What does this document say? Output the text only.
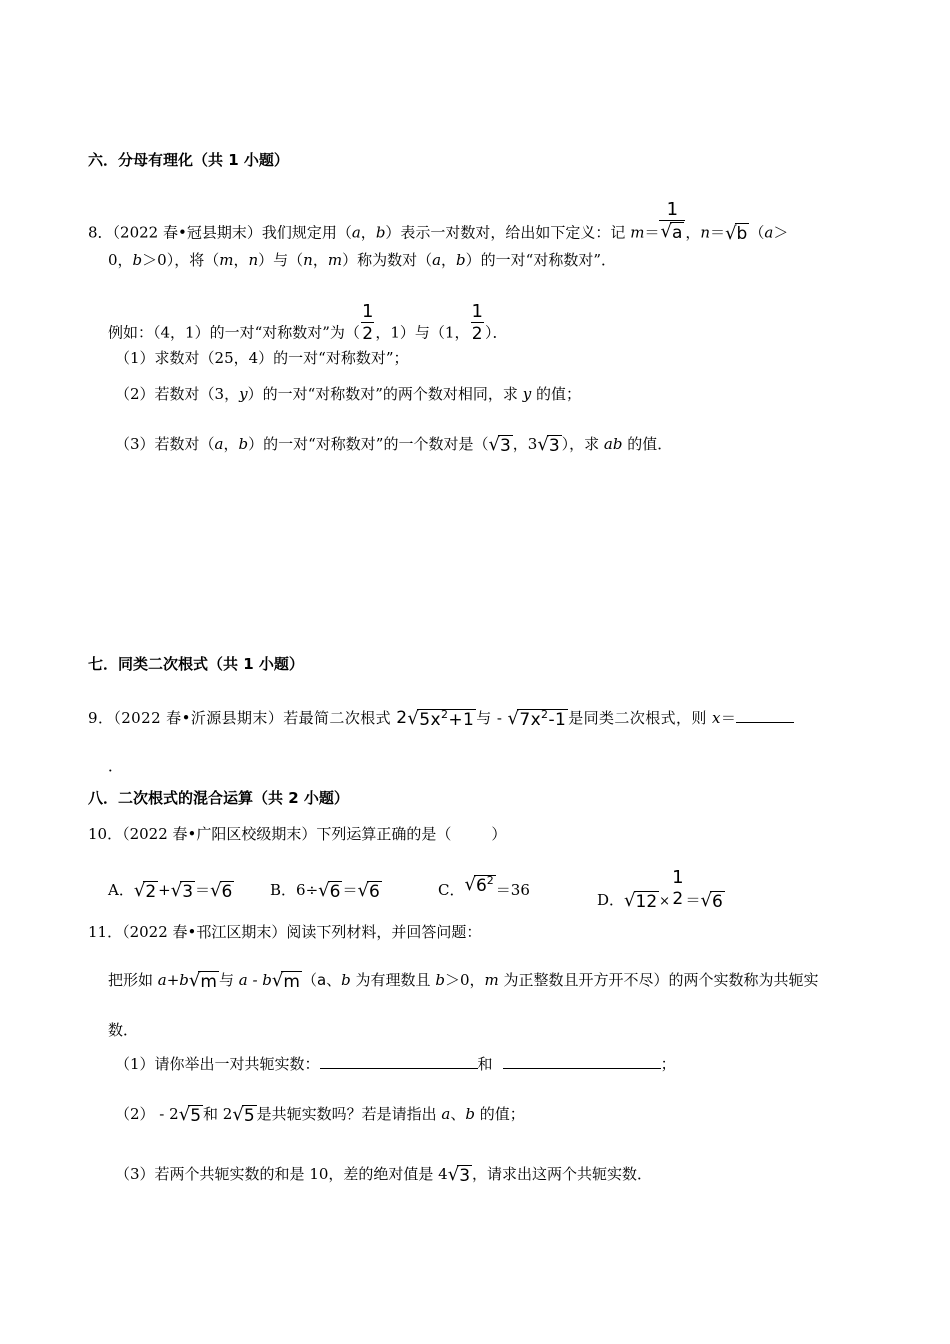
六．分母有理化（共 1 小题）
8．（2022 春•冠县期末）我们规定用（a，b）表示一对数对，给出如下定义：记 $m= \frac{1}{√a}$ ，n＝√b （a＞
0，b＞0），将（m，n）与（n，m）称为数对（a，b）的一对“对称数对”．
例如：（4，1）的一对“对称数对”为（ $\frac{1}{2}$ ，1）与（1， $\frac{1}{2}$ ）．
（1）求数对（25，4）的一对“对称数对”；
（2）若数对（3，y）的一对“对称数对”的两个数对相同，求 y 的值；
（3）若数对（a，b）的一对“对称数对”的一个数对是（√3 ，3√3 ），求 ab 的值．
七．同类二次根式（共 1 小题）
9．（2022 春•沂源县期末）若最简二次根式 $2√5x^2+1$ 与 - $√7x^2-1$ 是同类二次根式，则 x＝
．
八．二次根式的混合运算（共 2 小题）
10．（2022 春•广阳区校级期末）下列运算正确的是（	）
A．√2 +√3 ＝√6	B．6÷√6 ＝√6	C．$√6^2=36$
D．√12 ×
1
2 ＝√6
11．（2022 春•邗江区期末）阅读下列材料，并回答问题：
把形如 a+b√m 与 a - b√m （a、b 为有理数且 b＞0，m 为正整数且开方开不尽）的两个实数称为共轭实
数．
（1）请你举出一对共轭实数：	和	；
（2） - 2√5 和 2√5 是共轭实数吗？若是请指出 a、b 的值；
（3）若两个共轭实数的和是 10，差的绝对值是 4√3 ，请求出这两个共轭实数．
